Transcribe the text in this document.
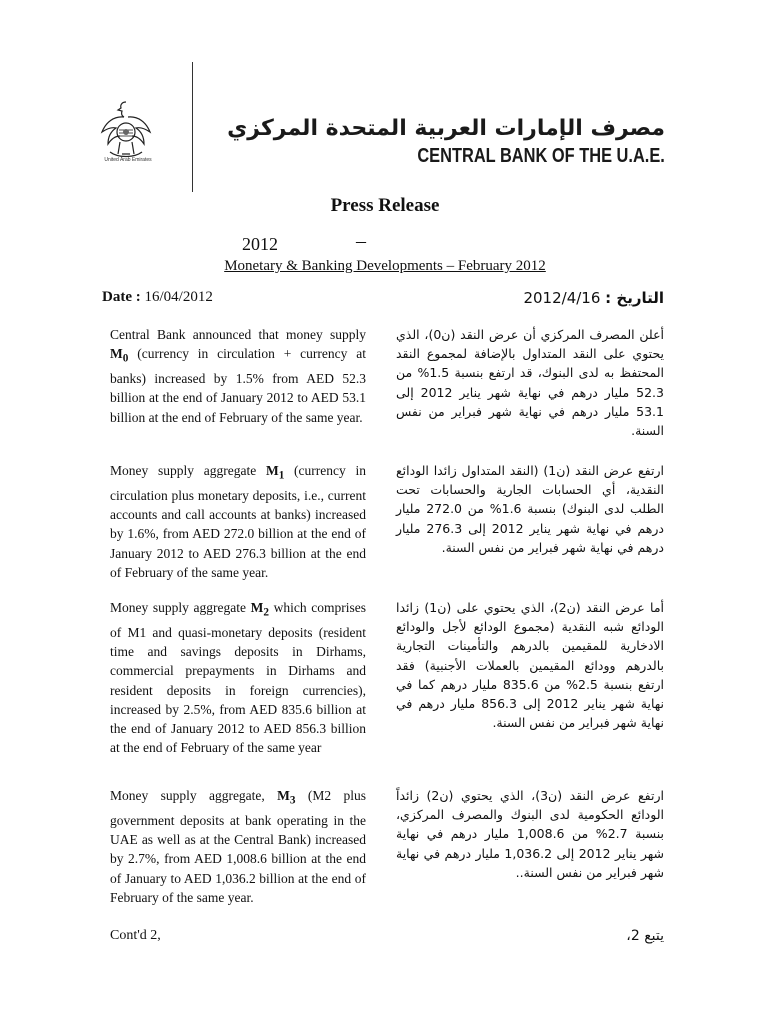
United Arab Emirates
مصرف الإمارات العربية المتحدة المركزي
CENTRAL BANK OF THE U.A.E.
Press Release
2012	–
Monetary & Banking Developments – February 2012
Date : 16/04/2012	التاريخ : 2012/4/16
Central Bank announced that money supply $M_0$ (currency in circulation + currency at banks) increased by 1.5% from AED 52.3 billion at the end of January 2012 to AED 53.1 billion at the end of February of the same year.
أعلن المصرف المركزي أن عرض النقد (ن0)، الذي يحتوي على النقد المتداول بالإضافة لمجموع النقد المحتفظ به لدى البنوك، قد ارتفع بنسبة 1.5% من 52.3 مليار درهم في نهاية شهر يناير 2012 إلى 53.1 مليار درهم في نهاية شهر فبراير من نفس السنة.
Money supply aggregate $M_1$ (currency in circulation plus monetary deposits, i.e., current accounts and call accounts at banks) increased by 1.6%, from AED 272.0 billion at the end of January 2012 to AED 276.3 billion at the end of February of the same year.
ارتفع عرض النقد (ن1) (النقد المتداول زائدا الودائع النقدية، أي الحسابات الجارية والحسابات تحت الطلب لدى البنوك) بنسبة 1.6% من 272.0 مليار درهم في نهاية شهر يناير 2012 إلى 276.3 مليار درهم في نهاية شهر فبراير من نفس السنة.
Money supply aggregate $M_2$ which comprises of M1 and quasi-monetary deposits (resident time and savings deposits in Dirhams, commercial prepayments in Dirhams and resident deposits in foreign currencies), increased by 2.5%, from AED 835.6 billion at the end of January 2012 to AED 856.3 billion at the end of February of the same year
أما عرض النقد (ن2)، الذي يحتوي على (ن1) زائدا الودائع شبه النقدية (مجموع الودائع لأجل والودائع الادخارية للمقيمين بالدرهم والتأمينات التجارية بالدرهم وودائع المقيمين بالعملات الأجنبية) فقد ارتفع بنسبة 2.5% من 835.6 مليار درهم كما في نهاية شهر يناير 2012 إلى 856.3 مليار درهم في نهاية شهر فبراير من نفس السنة.
Money supply aggregate, $M_3$ (M2 plus government deposits at bank operating in the UAE as well as at the Central Bank) increased by 2.7%, from AED 1,008.6 billion at the end of January to AED 1,036.2 billion at the end of February of the same year.
ارتفع عرض النقد (ن3)، الذي يحتوي (ن2) زائداً الودائع الحكومية لدى البنوك والمصرف المركزي، بنسبة 2.7% من 1,008.6 مليار درهم في نهاية شهر يناير 2012 إلى 1,036.2 مليار درهم في نهاية شهر فبراير من نفس السنة..
Cont'd 2,	يتبع 2،
